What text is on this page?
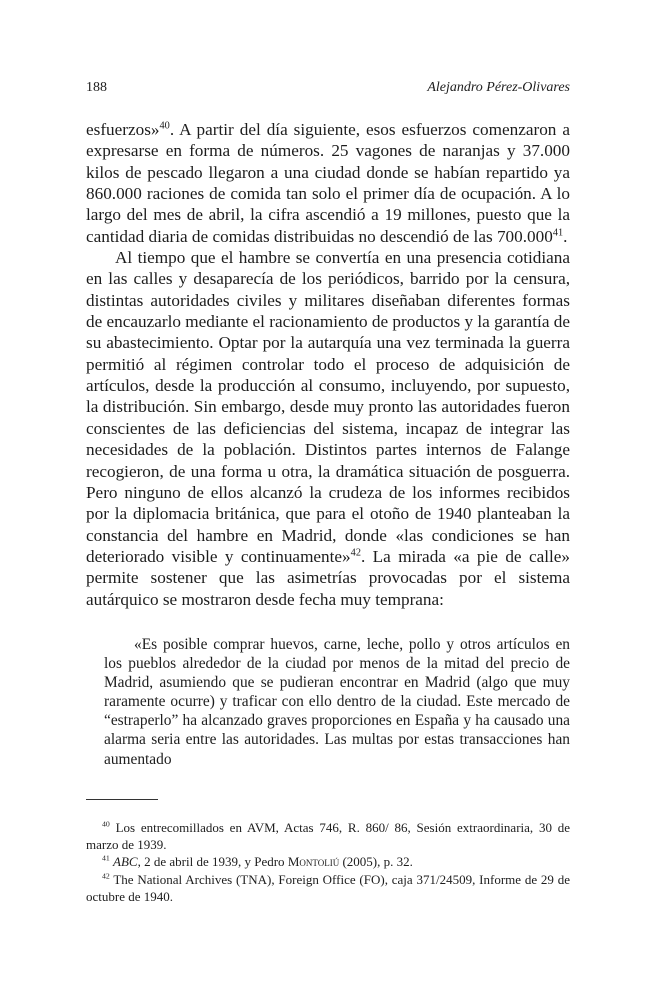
188	Alejandro Pérez-Olivares

esfuerzos»$^{40}$. A partir del día siguiente, esos esfuerzos comenzaron a expresarse en forma de números. 25 vagones de naranjas y 37.000 kilos de pescado llegaron a una ciudad donde se habían repartido ya 860.000 raciones de comida tan solo el primer día de ocupación. A lo largo del mes de abril, la cifra ascendió a 19 millones, puesto que la cantidad diaria de comidas distribuidas no descendió de las 700.000$^{41}$.

Al tiempo que el hambre se convertía en una presencia cotidiana en las calles y desaparecía de los periódicos, barrido por la censura, distintas autoridades civiles y militares diseñaban diferentes formas de encauzarlo mediante el racionamiento de productos y la garantía de su abastecimiento. Optar por la autarquía una vez terminada la guerra permitió al régimen controlar todo el proceso de adquisición de artículos, desde la producción al consumo, incluyendo, por supuesto, la distribución. Sin embargo, desde muy pronto las autoridades fueron conscientes de las deficiencias del sistema, incapaz de integrar las necesidades de la población. Distintos partes internos de Falange recogieron, de una forma u otra, la dramática situación de posguerra. Pero ninguno de ellos alcanzó la crudeza de los informes recibidos por la diplomacia británica, que para el otoño de 1940 planteaban la constancia del hambre en Madrid, donde «las condiciones se han deteriorado visible y continuamente»$^{42}$. La mirada «a pie de calle» permite sostener que las asimetrías provocadas por el sistema autárquico se mostraron desde fecha muy temprana:

«Es posible comprar huevos, carne, leche, pollo y otros artículos en los pueblos alrededor de la ciudad por menos de la mitad del precio de Madrid, asumiendo que se pudieran encontrar en Madrid (algo que muy raramente ocurre) y traficar con ello dentro de la ciudad. Este mercado de “estraperlo” ha alcanzado graves proporciones en España y ha causado una alarma seria entre las autoridades. Las multas por estas transacciones han aumentado

$^{40}$ Los entrecomillados en AVM, Actas 746, R. 860/ 86, Sesión extraordinaria, 30 de marzo de 1939.

$^{41}$ ABC, 2 de abril de 1939, y Pedro Montoliú (2005), p. 32.

$^{42}$ The National Archives (TNA), Foreign Office (FO), caja 371/24509, Informe de 29 de octubre de 1940.
